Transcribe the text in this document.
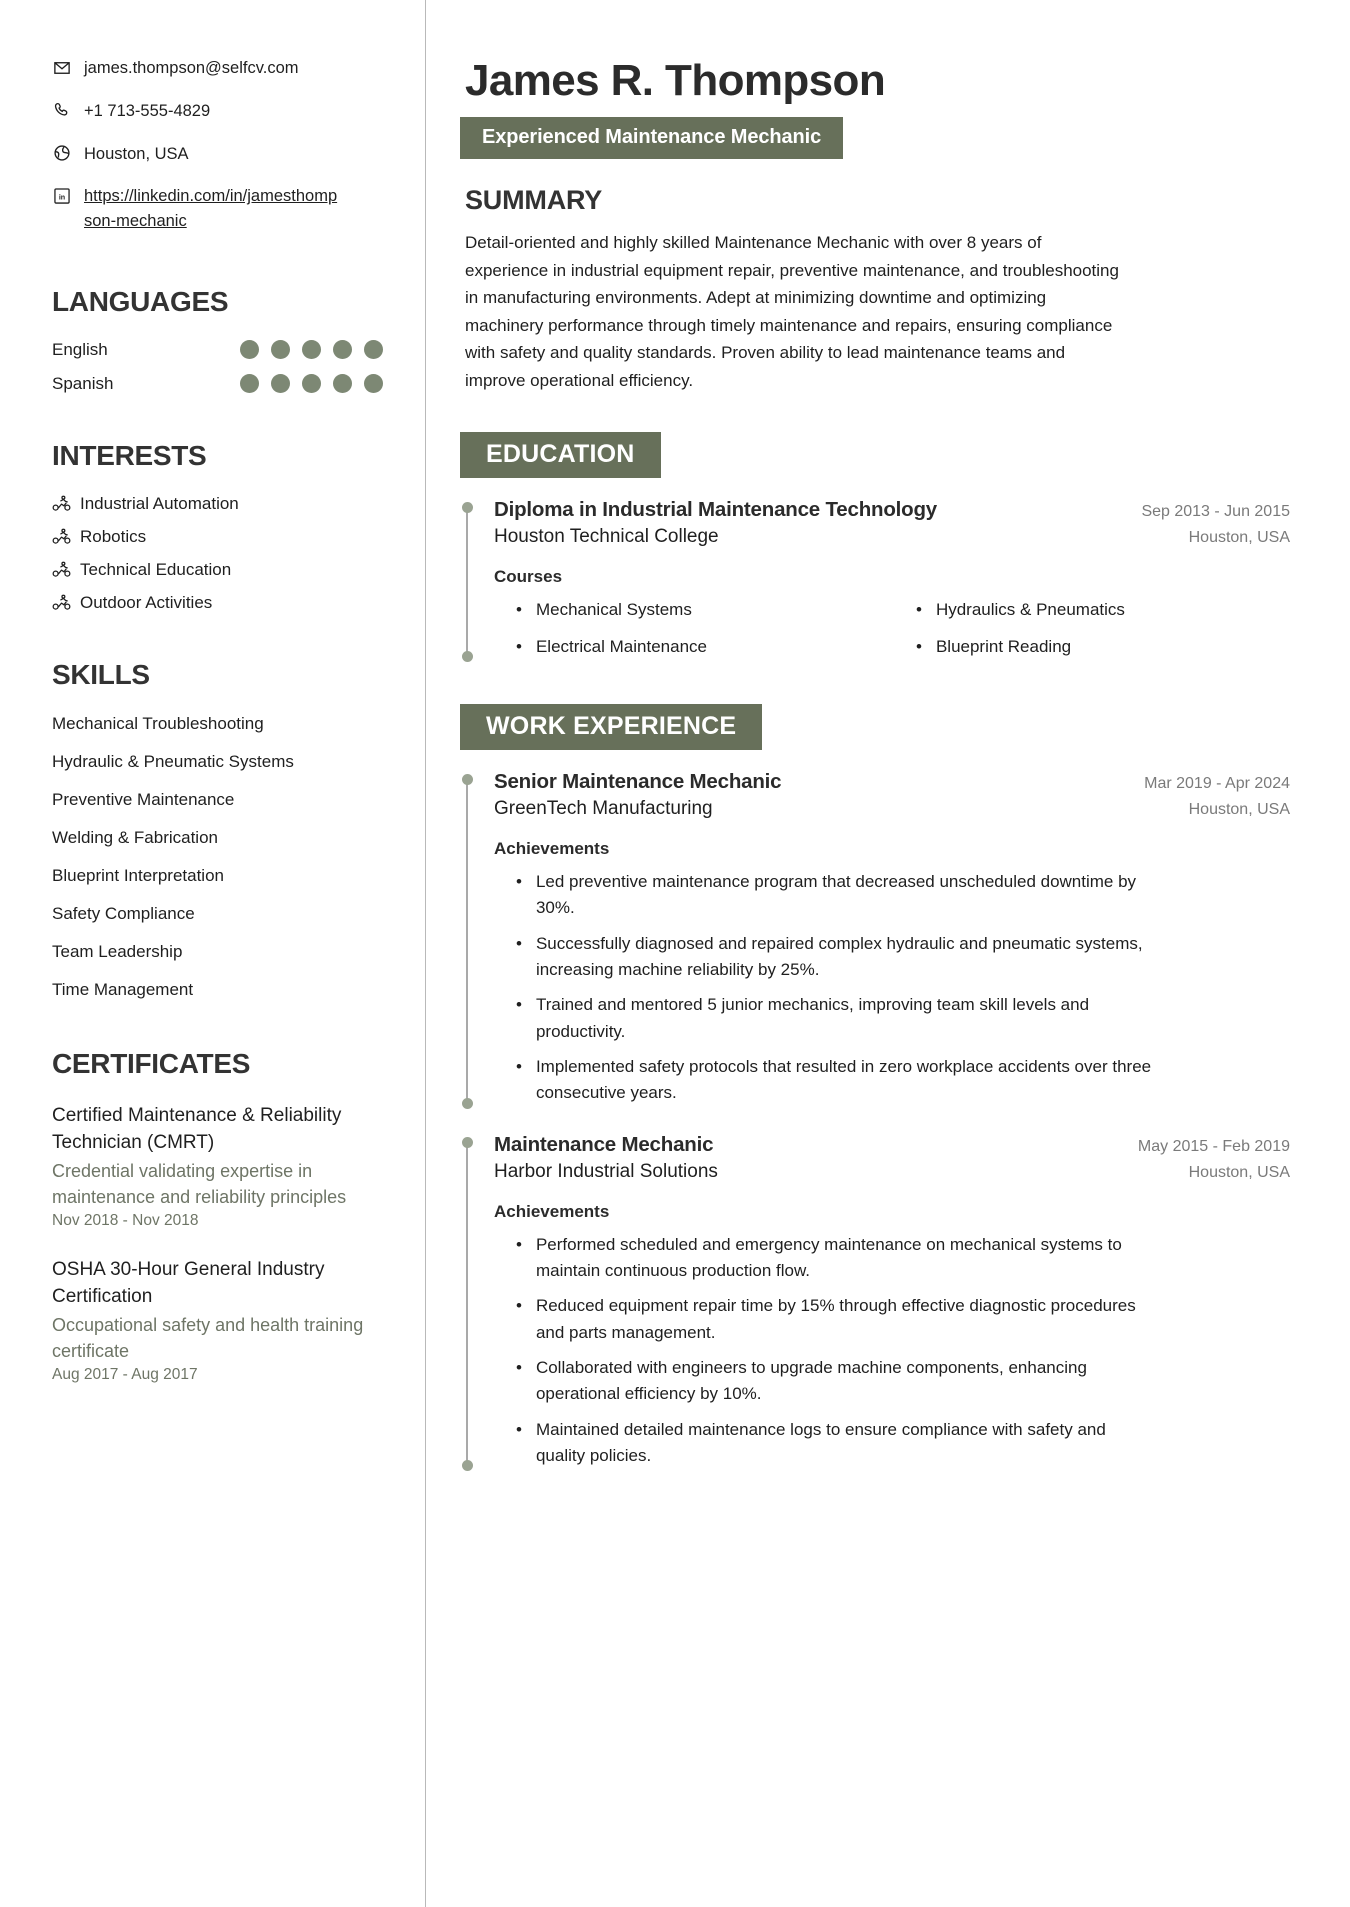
james.thompson@selfcv.com
+1 713-555-4829
Houston, USA
in https://linkedin.com/in/jamesthompson-mechanic
LANGUAGES
English
Spanish
INTERESTS
Industrial Automation
Robotics
Technical Education
Outdoor Activities
SKILLS
Mechanical Troubleshooting
Hydraulic & Pneumatic Systems
Preventive Maintenance
Welding & Fabrication
Blueprint Interpretation
Safety Compliance
Team Leadership
Time Management
CERTIFICATES
Certified Maintenance & Reliability Technician (CMRT)
Credential validating expertise in maintenance and reliability principles
Nov 2018 - Nov 2018
OSHA 30-Hour General Industry Certification
Occupational safety and health training certificate
Aug 2017 - Aug 2017
James R. Thompson
Experienced Maintenance Mechanic
SUMMARY

Detail-oriented and highly skilled Maintenance Mechanic with over 8 years of experience in industrial equipment repair, preventive maintenance, and troubleshooting in manufacturing environments. Adept at minimizing downtime and optimizing machinery performance through timely maintenance and repairs, ensuring compliance with safety and quality standards. Proven ability to lead maintenance teams and improve operational efficiency.

EDUCATION
Diploma in Industrial Maintenance Technology	Sep 2013 - Jun 2015
Houston Technical College	Houston, USA
Courses
• Mechanical Systems	• Hydraulics & Pneumatics
• Electrical Maintenance	• Blueprint Reading
WORK EXPERIENCE
Senior Maintenance Mechanic	Mar 2019 - Apr 2024
GreenTech Manufacturing	Houston, USA
Achievements
• Led preventive maintenance program that decreased unscheduled downtime by 30%.
• Successfully diagnosed and repaired complex hydraulic and pneumatic systems, increasing machine reliability by 25%.
• Trained and mentored 5 junior mechanics, improving team skill levels and productivity.
• Implemented safety protocols that resulted in zero workplace accidents over three consecutive years.
Maintenance Mechanic	May 2015 - Feb 2019
Harbor Industrial Solutions	Houston, USA
Achievements
• Performed scheduled and emergency maintenance on mechanical systems to maintain continuous production flow.
• Reduced equipment repair time by 15% through effective diagnostic procedures and parts management.
• Collaborated with engineers to upgrade machine components, enhancing operational efficiency by 10%.
• Maintained detailed maintenance logs to ensure compliance with safety and quality policies.
